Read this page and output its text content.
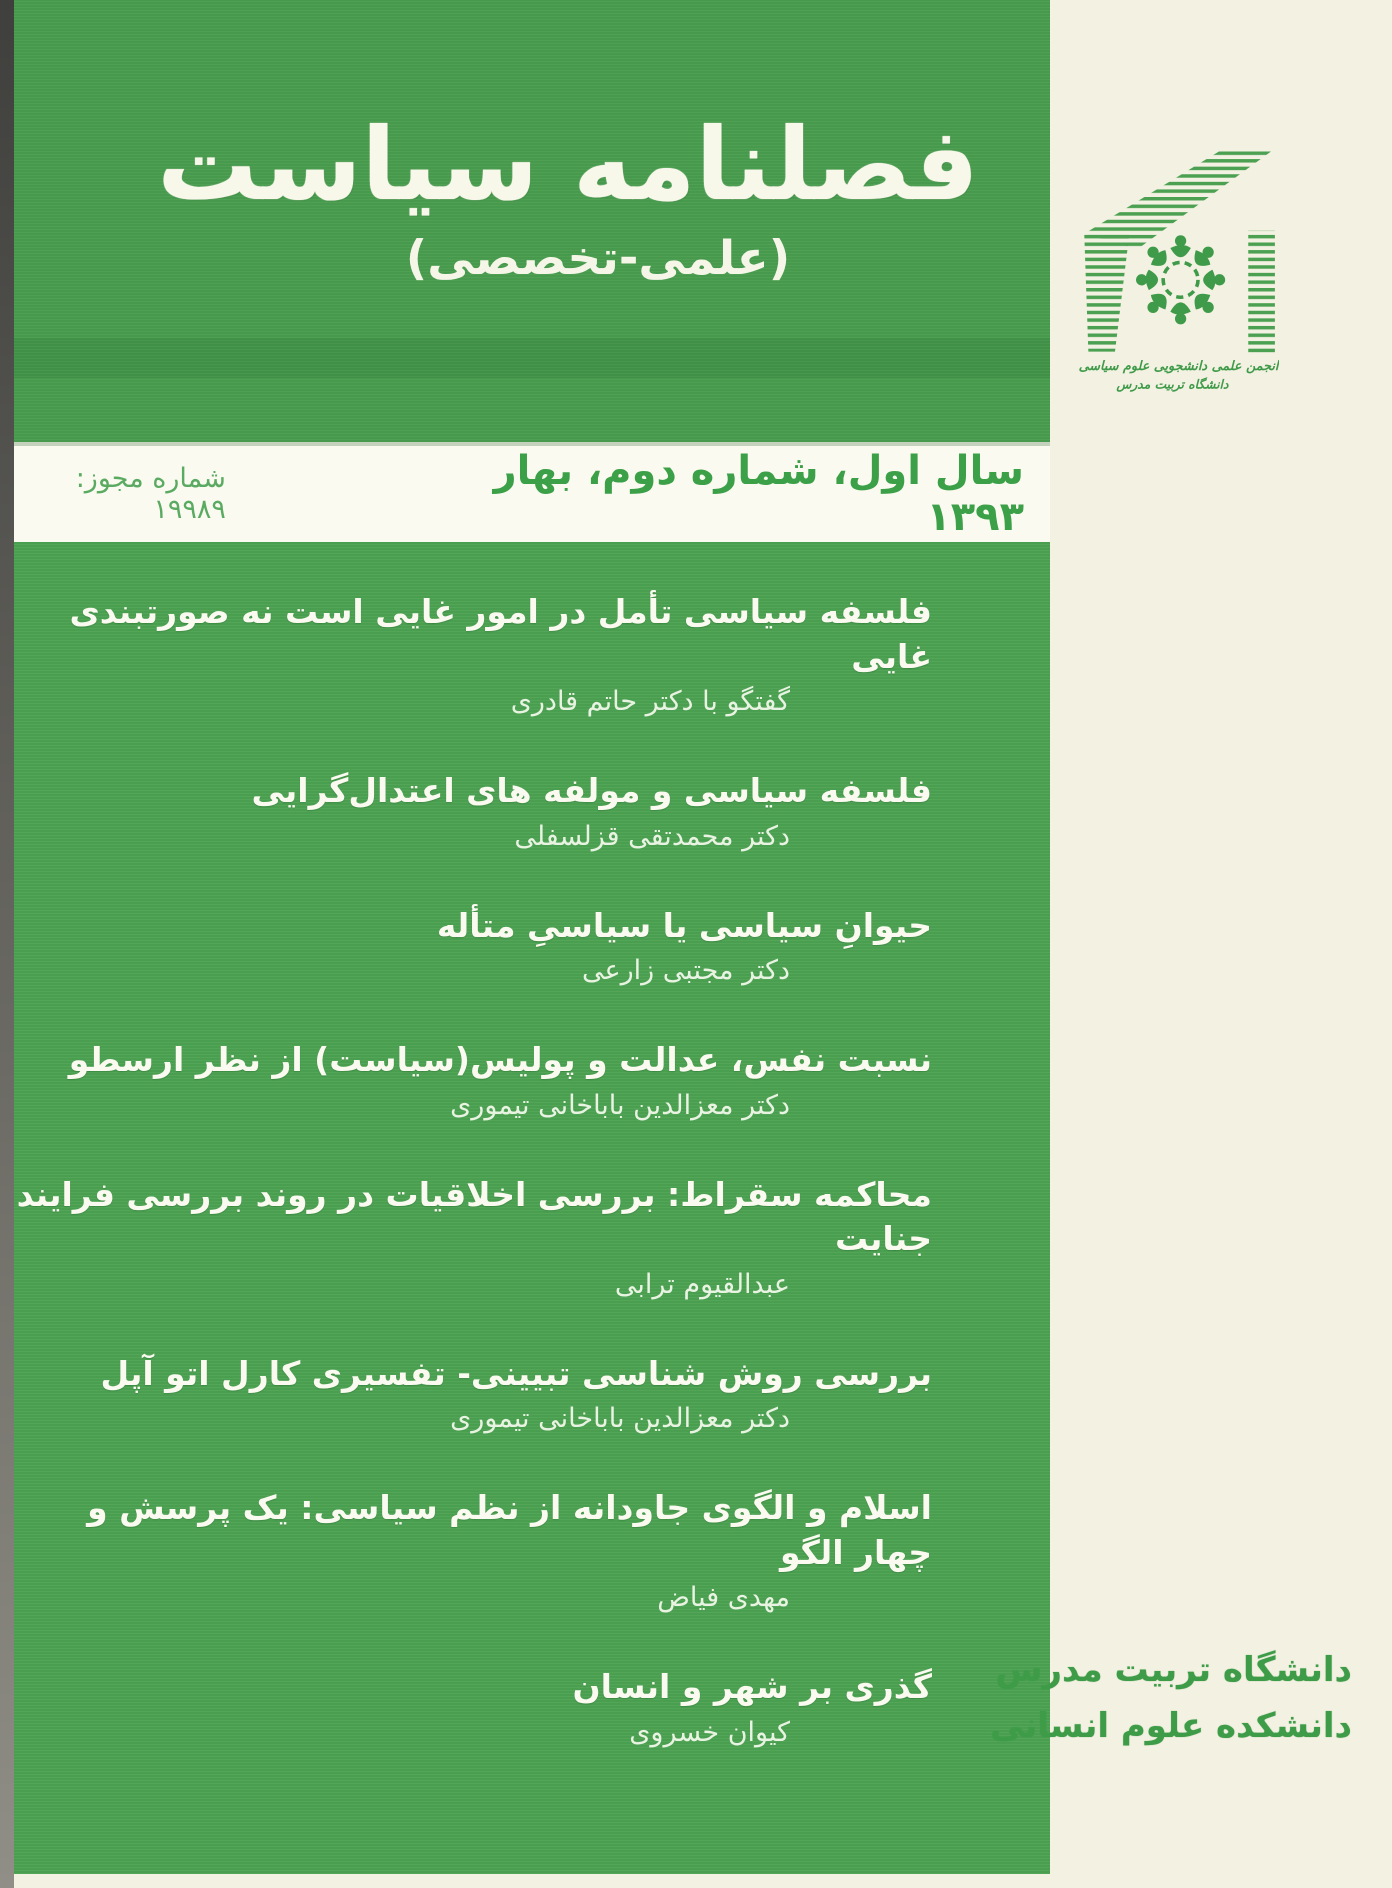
فصلنامه سیاست
(علمی-تخصصی)
سال اول، شماره دوم، بهار ۱۳۹۳
شماره مجوز: ۱۹۹۸۹
فلسفه سیاسی تأمل در امور غایی است نه صورتبندی غایی
گفتگو با دکتر حاتم قادری
فلسفه سیاسی و مولفه های اعتدال‌گرایی
دکتر محمدتقی قزلسفلی
حیوانِ سیاسی یا سیاسیِ متأله
دکتر مجتبی زارعی
نسبت نفس، عدالت و پولیس(سیاست) از نظر ارسطو
دکتر معزالدین باباخانی تیموری
محاکمه سقراط: بررسی اخلاقیات در روند بررسی فرایند جنایت
عبدالقیوم ترابی
بررسی روش شناسی تبیینی- تفسیری کارل اتو آپل
دکتر معزالدین باباخانی تیموری
اسلام و الگوی جاودانه از نظم سیاسی: یک پرسش و چهار الگو
مهدی فیاض
گذری بر شهر و انسان
کیوان خسروی
انجمن علمی دانشجویی علوم سیاسی
دانشگاه تربیت مدرس
دانشگاه تربیت مدرس
دانشکده علوم انسانی
